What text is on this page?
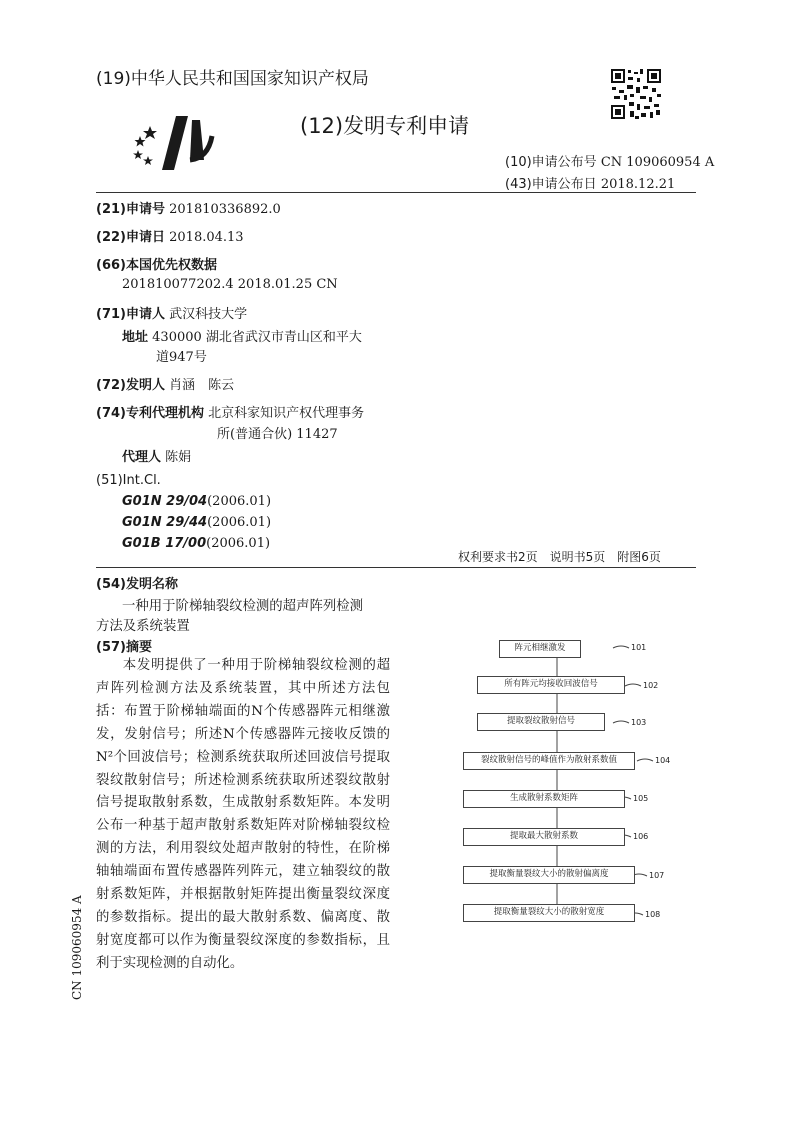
(19)中华人民共和国国家知识产权局
(12)发明专利申请
(10)申请公布号 CN 109060954 A
(43)申请公布日 2018.12.21
(21)申请号 201810336892.0
(22)申请日 2018.04.13
(66)本国优先权数据
201810077202.4 2018.01.25 CN
(71)申请人 武汉科技大学
地址 430000 湖北省武汉市青山区和平大
道947号
(72)发明人 肖涵　陈云
(74)专利代理机构 北京科家知识产权代理事务
所(普通合伙) 11427
代理人 陈娟
(51)Int.Cl.
G01N 29/04(2006.01)
G01N 29/44(2006.01)
G01B 17/00(2006.01)
权利要求书2页　说明书5页　附图6页
(54)发明名称
一种用于阶梯轴裂纹检测的超声阵列检测
方法及系统装置
(57)摘要
本发明提供了一种用于阶梯轴裂纹检测的超声阵列检测方法及系统装置，其中所述方法包括：布置于阶梯轴端面的N个传感器阵元相继激发，发射信号；所述N个传感器阵元接收反馈的N²个回波信号；检测系统获取所述回波信号提取裂纹散射信号；所述检测系统获取所述裂纹散射信号提取散射系数，生成散射系数矩阵。本发明公布一种基于超声散射系数矩阵对阶梯轴裂纹检测的方法，利用裂纹处超声散射的特性，在阶梯轴轴端面布置传感器阵列阵元，建立轴裂纹的散射系数矩阵，并根据散射矩阵提出衡量裂纹深度的参数指标。提出的最大散射系数、偏离度、散射宽度都可以作为衡量裂纹深度的参数指标，且利于实现检测的自动化。
阵元相继激发	101
所有阵元均接收回波信号	102
提取裂纹散射信号	103
裂纹散射信号的峰值作为散射系数值	104
生成散射系数矩阵	105
提取最大散射系数	106
提取衡量裂纹大小的散射偏离度	107
提取衡量裂纹大小的散射宽度	108
CN 109060954 A
